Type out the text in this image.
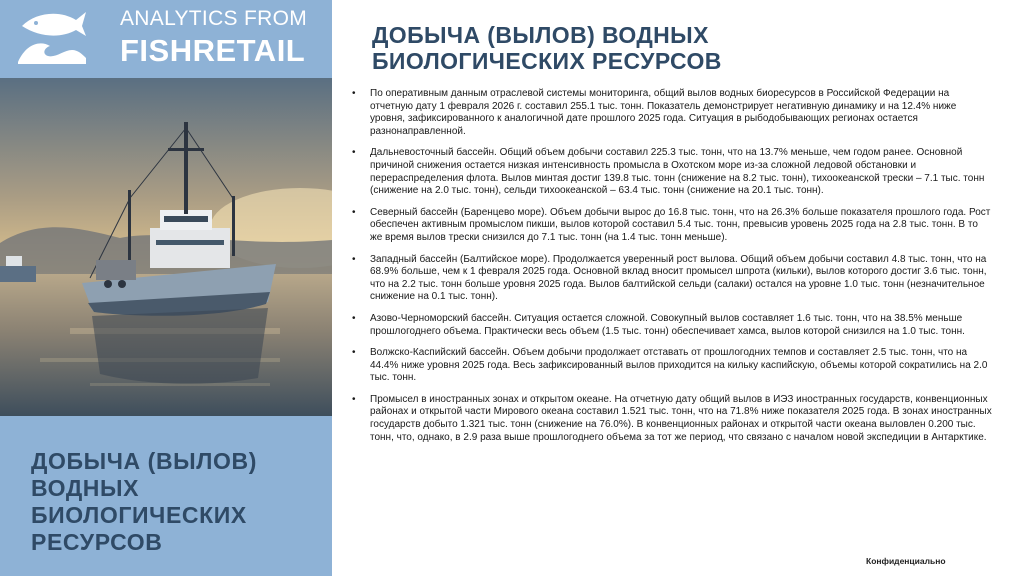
ANALYTICS FROM
FISHRETAIL
ДОБЫЧА (ВЫЛОВ)
ВОДНЫХ
БИОЛОГИЧЕСКИХ
РЕСУРСОВ
ДОБЫЧА (ВЫЛОВ) ВОДНЫХ
БИОЛОГИЧЕСКИХ РЕСУРСОВ
• По оперативным данным отраслевой системы мониторинга, общий вылов водных биоресурсов в Российской Федерации на отчетную дату 1 февраля 2026 г. составил 255.1 тыс. тонн. Показатель демонстрирует негативную динамику и на 12.4% ниже уровня, зафиксированного к аналогичной дате прошлого 2025 года. Ситуация в рыбодобывающих регионах остается разнонаправленной.
• Дальневосточный бассейн. Общий объем добычи составил 225.3 тыс. тонн, что на 13.7% меньше, чем годом ранее. Основной причиной снижения остается низкая интенсивность промысла в Охотском море из-за сложной ледовой обстановки и перераспределения флота. Вылов минтая достиг 139.8 тыс. тонн (снижение на 8.2 тыс. тонн), тихоокеанской трески – 7.1 тыс. тонн (снижение на 2.0 тыс. тонн), сельди тихоокеанской – 63.4 тыс. тонн (снижение на 20.1 тыс. тонн).
• Северный бассейн (Баренцево море). Объем добычи вырос до 16.8 тыс. тонн, что на 26.3% больше показателя прошлого года. Рост обеспечен активным промыслом пикши, вылов которой составил 5.4 тыс. тонн, превысив уровень 2025 года на 2.8 тыс. тонн. В то же время вылов трески снизился до 7.1 тыс. тонн (на 1.4 тыс. тонн меньше).
• Западный бассейн (Балтийское море). Продолжается уверенный рост вылова. Общий объем добычи составил 4.8 тыс. тонн, что на 68.9% больше, чем к 1 февраля 2025 года. Основной вклад вносит промысел шпрота (кильки), вылов которого достиг 3.6 тыс. тонн, что на 2.2 тыс. тонн больше уровня 2025 года. Вылов балтийской сельди (салаки) остался на уровне 1.0 тыс. тонн (незначительное снижение на 0.1 тыс. тонн).
• Азово-Черноморский бассейн. Ситуация остается сложной. Совокупный вылов составляет 1.6 тыс. тонн, что на 38.5% меньше прошлогоднего объема. Практически весь объем (1.5 тыс. тонн) обеспечивает хамса, вылов которой снизился на 1.0 тыс. тонн.
• Волжско-Каспийский бассейн. Объем добычи продолжает отставать от прошлогодних темпов и составляет 2.5 тыс. тонн, что на 44.4% ниже уровня 2025 года. Весь зафиксированный вылов приходится на кильку каспийскую, объемы которой сократились на 2.0 тыс. тонн.
• Промысел в иностранных зонах и открытом океане. На отчетную дату общий вылов в ИЭЗ иностранных государств, конвенционных районах и открытой части Мирового океана составил 1.521 тыс. тонн, что на 71.8% ниже показателя 2025 года. В зонах иностранных государств добыто 1.321 тыс. тонн (снижение на 76.0%). В конвенционных районах и открытой части океана выловлен 0.200 тыс. тонн, что, однако, в 2.9 раза выше прошлогоднего объема за тот же период, что связано с началом новой экспедиции в Антарктике.
Конфиденциально
